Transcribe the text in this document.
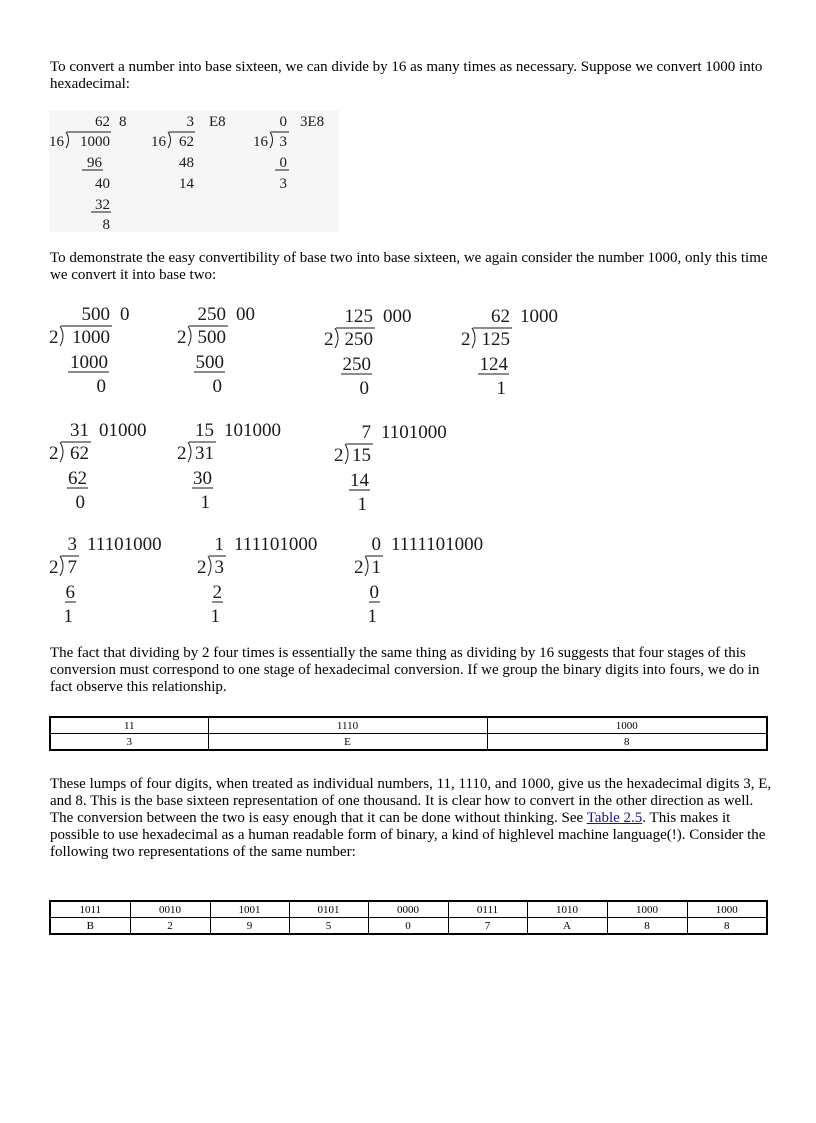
To convert a number into base sixteen, we can divide by 16 as many times as necessary. Suppose we convert 1000 into hexadecimal:

62 8
16 1000
96
40
32
8
3 E8
16 62
48
14
0 3E8
16 3
0
3

To demonstrate the easy convertibility of base two into base sixteen, we again consider the number 1000, only this time we convert it into base two:

500 0
2 1000
1000
0
250 00
2 500
500
0
125 000
2 250
250
0
62 1000
2 125
124
1
31 01000
2 62
62
0
15 101000
2 31
30
1
7 1101000
2 15
14
1
3 11101000
2 7
6
1
1 111101000
2 3
2
1
0 1111101000
2 1
0
1

The fact that dividing by 2 four times is essentially the same thing as dividing by 16 suggests that four stages of this conversion must correspond to one stage of hexadecimal conversion. If we group the binary digits into fours, we do in fact observe this relationship.

11	1110	1000
3	E	8

These lumps of four digits, when treated as individual numbers, 11, 1110, and 1000, give us the hexadecimal digits 3, E, and 8. This is the base sixteen representation of one thousand. It is clear how to convert in the other direction as well. The conversion between the two is easy enough that it can be done without thinking. See Table 2.5. This makes it possible to use hexadecimal as a human readable form of binary, a kind of highlevel machine language(!). Consider the following two representations of the same number:

1011	0010	1001	0101	0000	0111	1010	1000	1000
B	2	9	5	0	7	A	8	8
